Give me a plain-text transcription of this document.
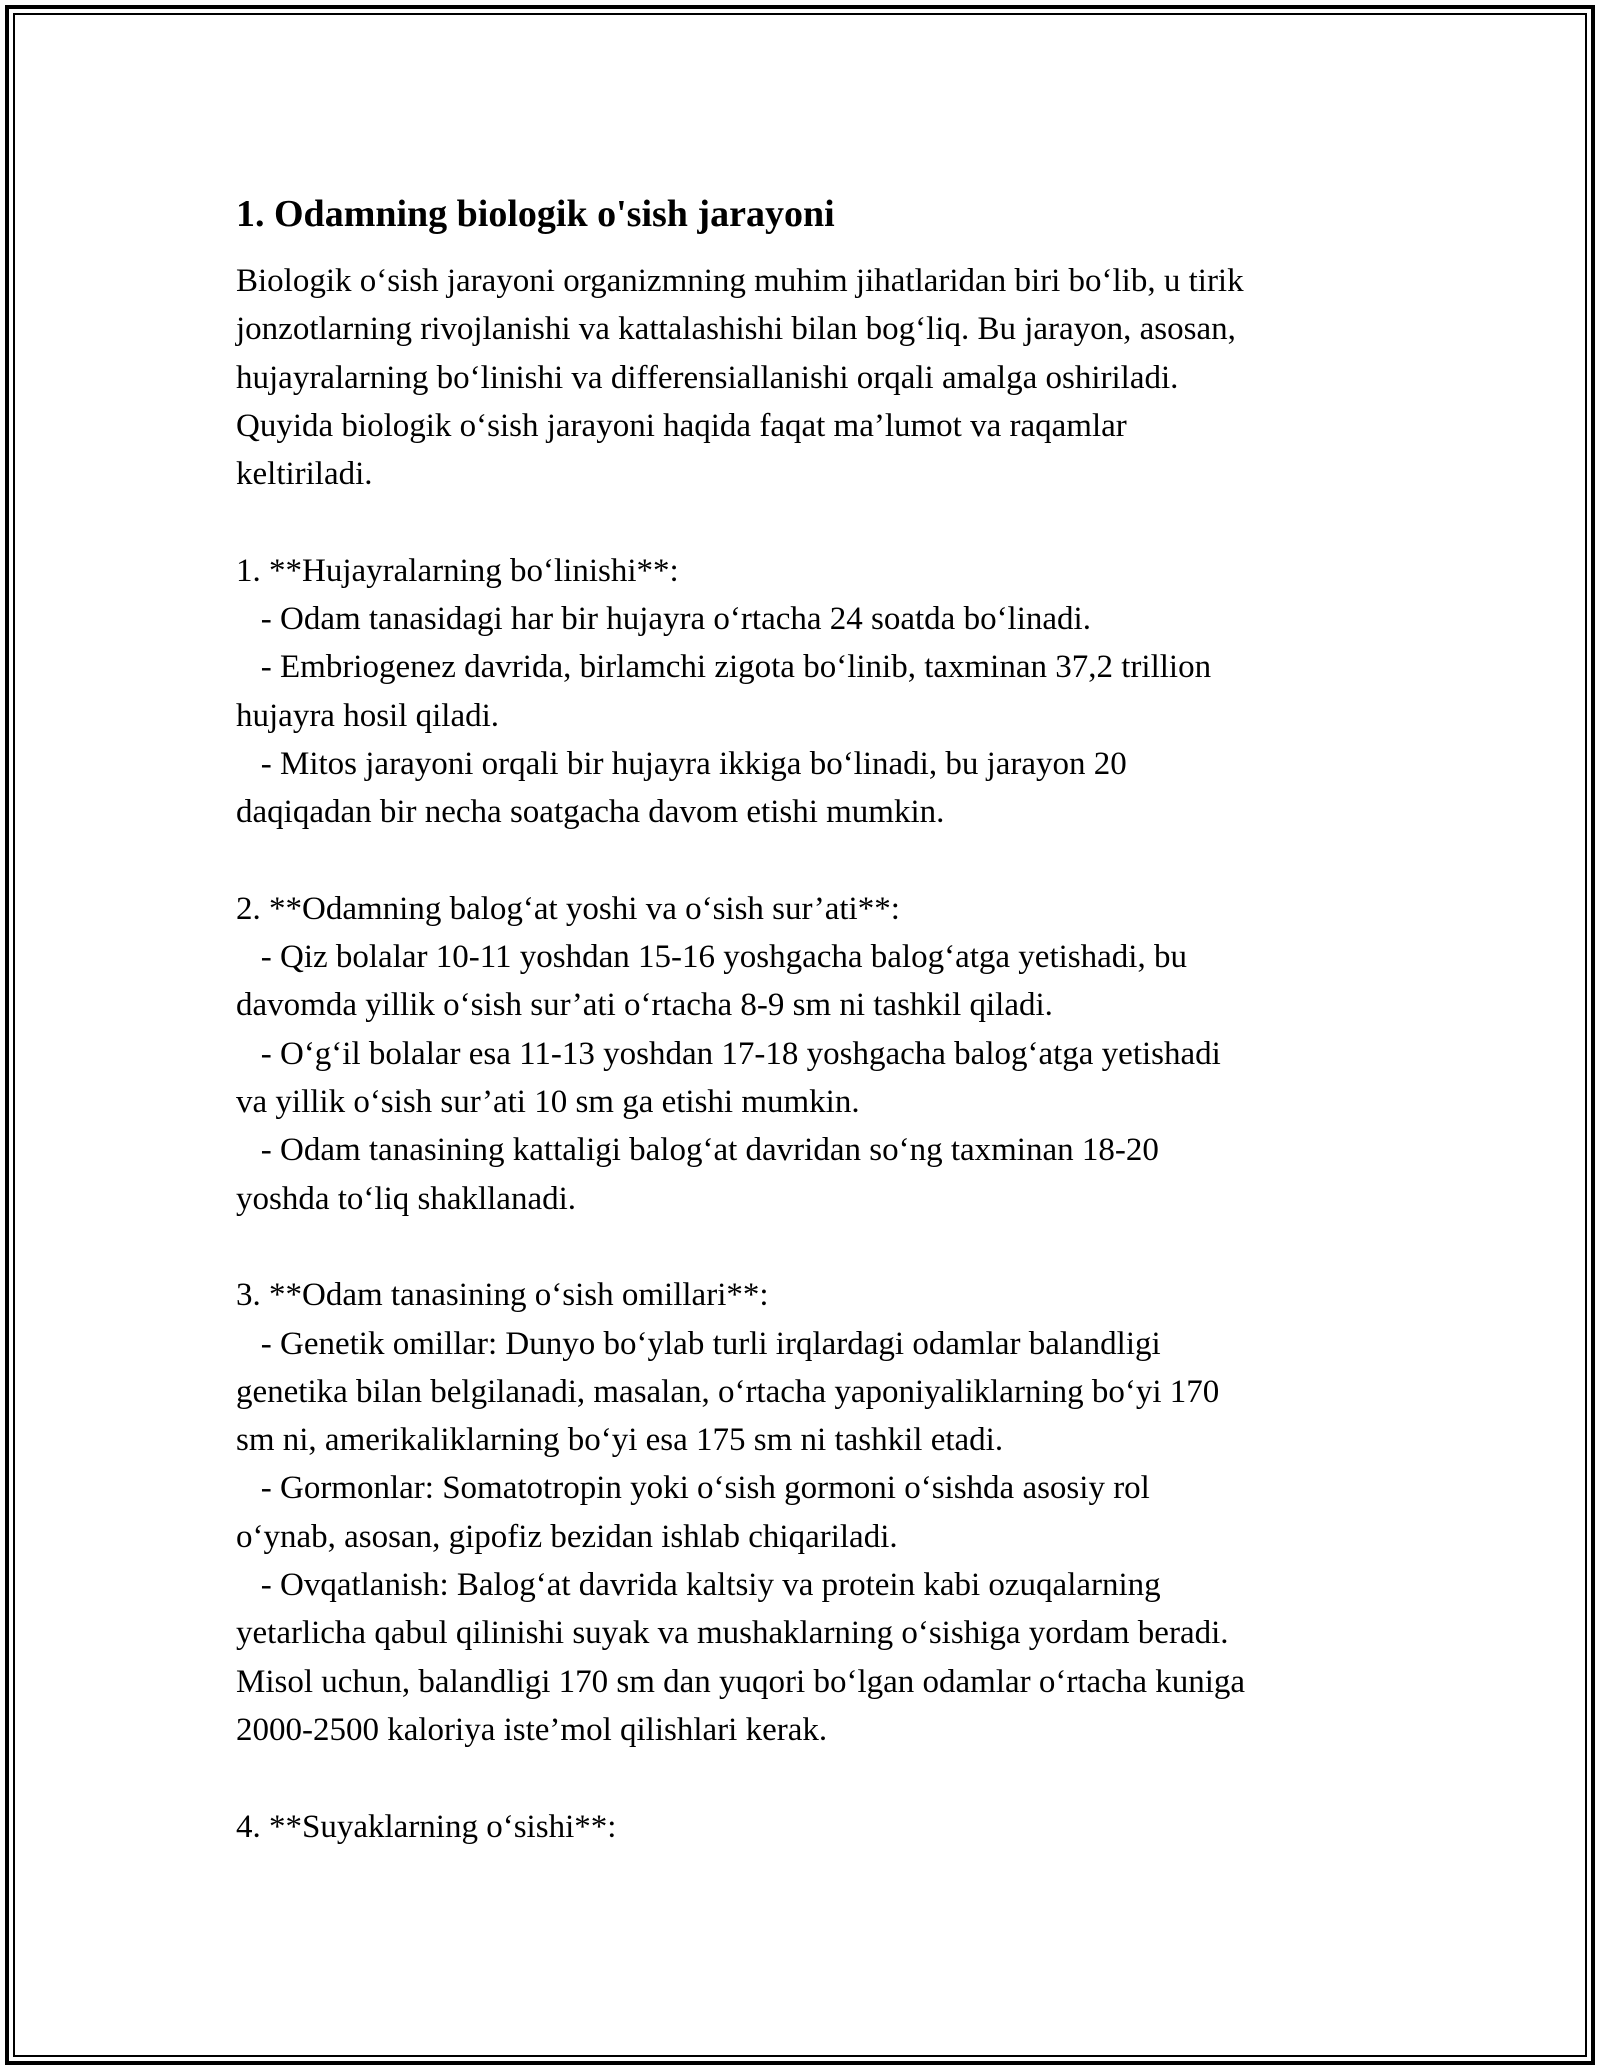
1. Odamning biologik o's​ish jarayoni
Biologik o‘sish jarayoni organizmning muhim jihatlaridan biri bo‘lib, u tirik
jonzotlarning rivojlanishi va kattalashishi bilan bog‘liq. Bu jarayon, asosan,
hujayralarning bo‘linishi va differensiallanishi orqali amalga oshiriladi.
Quyida biologik o‘sish jarayoni haqida faqat ma’lumot va raqamlar
keltiriladi.
1. **Hujayralarning bo‘linishi**:
- Odam tanasidagi har bir hujayra o‘rtacha 24 soatda bo‘linadi.
- Embriogenez davrida, birlamchi zigota bo‘linib, taxminan 37,2 trillion
hujayra hosil qiladi.
- Mitos jarayoni orqali bir hujayra ikkiga bo‘linadi, bu jarayon 20
daqiqadan bir necha soatgacha davom etishi mumkin.
2. **Odamning balog‘at yoshi va o‘sish sur’ati**:
- Qiz bolalar 10-11 yoshdan 15-16 yoshgacha balog‘atga yetishadi, bu
davomda yillik o‘sish sur’ati o‘rtacha 8-9 sm ni tashkil qiladi.
- O‘g‘il bolalar esa 11-13 yoshdan 17-18 yoshgacha balog‘atga yetishadi
va yillik o‘sish sur’ati 10 sm ga etishi mumkin.
- Odam tanasining kattaligi balog‘at davridan so‘ng taxminan 18-20
yoshda to‘liq shakllanadi.
3. **Odam tanasining o‘sish omillari**:
- Genetik omillar: Dunyo bo‘ylab turli irqlardagi odamlar balandligi
genetika bilan belgilanadi, masalan, o‘rtacha yaponiyaliklarning bo‘yi 170
sm ni, amerikaliklarning bo‘yi esa 175 sm ni tashkil etadi.
- Gormonlar: Somatotropin yoki o‘sish gormoni o‘sishda asosiy rol
o‘ynab, asosan, gipofiz bezidan ishlab chiqariladi.
- Ovqatlanish: Balog‘at davrida kaltsiy va protein kabi ozuqalarning
yetarlicha qabul qilinishi suyak va mushaklarning o‘sishiga yordam beradi.
Misol uchun, balandligi 170 sm dan yuqori bo‘lgan odamlar o‘rtacha kuniga
2000-2500 kaloriya iste’mol qilishlari kerak.
4. **Suyaklarning o‘sishi**:
